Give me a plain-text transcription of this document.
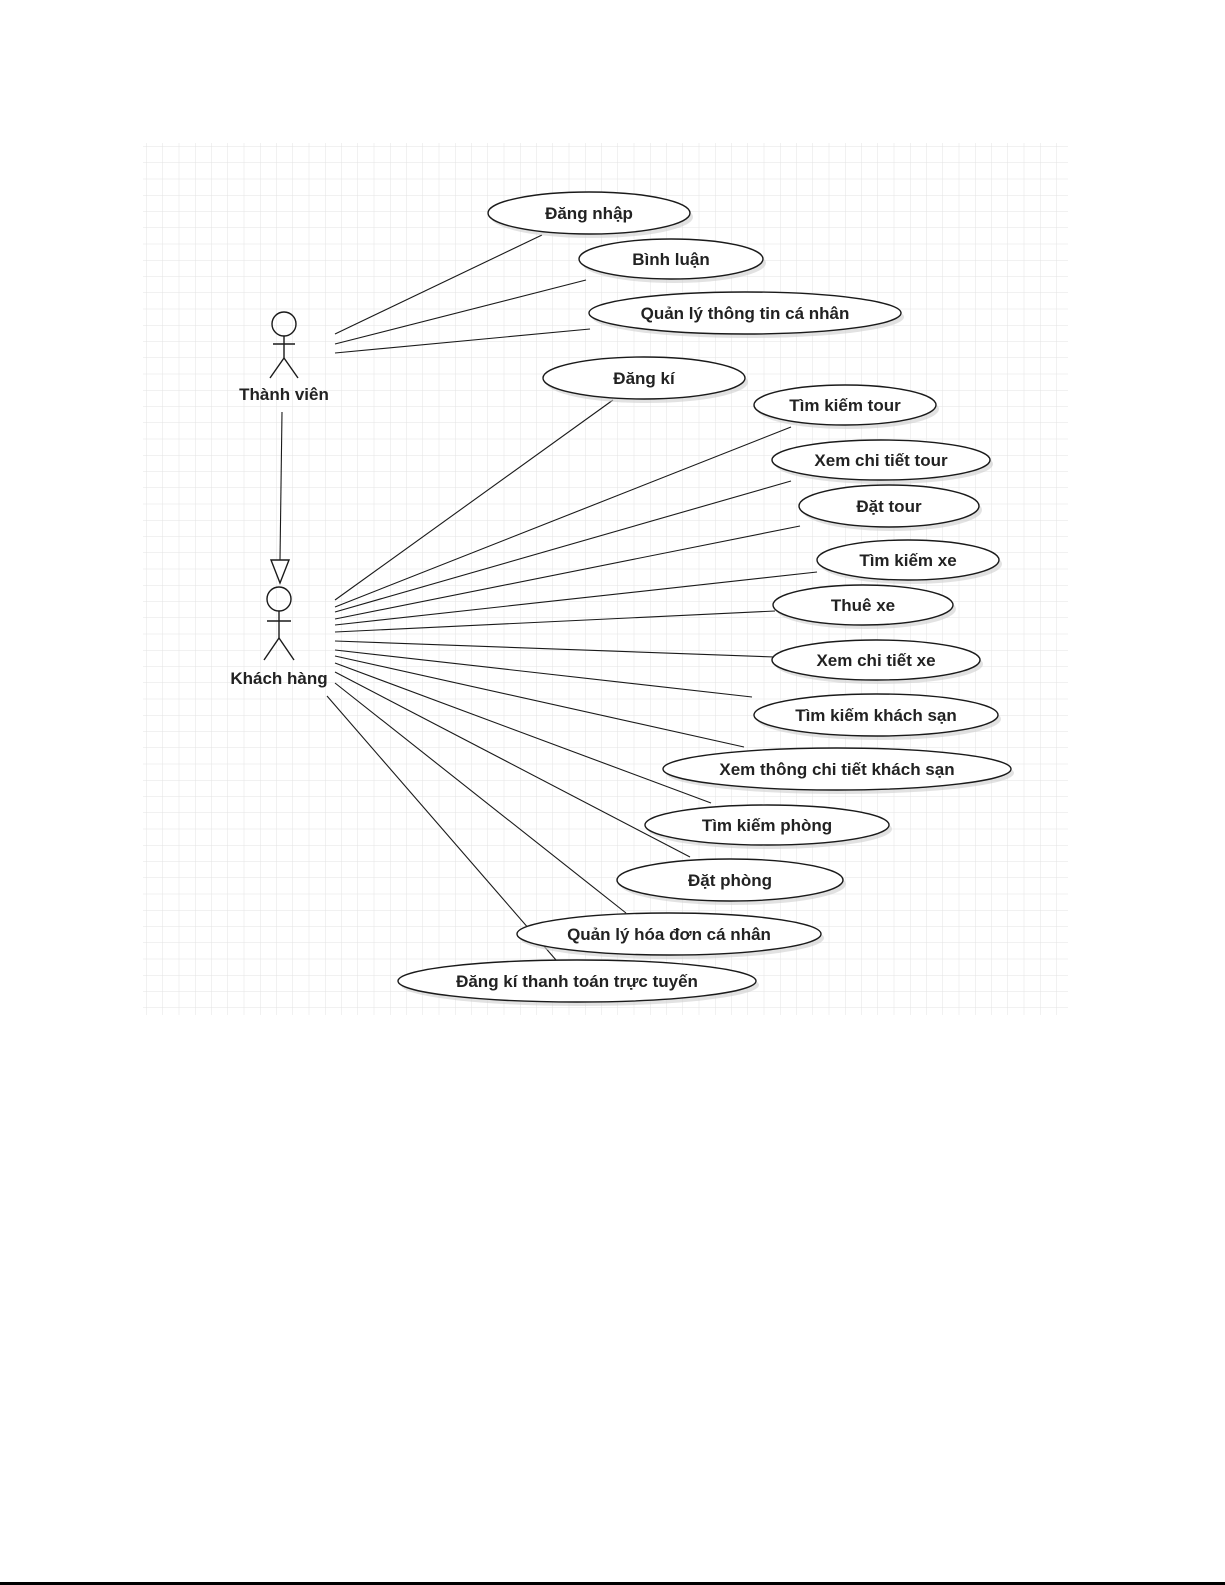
Thành viên
Khách hàng
Đăng nhập
Bình luận
Quản lý thông tin cá nhân
Đăng kí
Tìm kiếm tour
Xem chi tiết tour
Đặt tour
Tìm kiếm xe
Thuê xe
Xem chi tiết xe
Tìm kiếm khách sạn
Xem thông chi tiết khách sạn
Tìm kiếm phòng
Đặt phòng
Quản lý hóa đơn cá nhân
Đăng kí thanh toán trực tuyến
